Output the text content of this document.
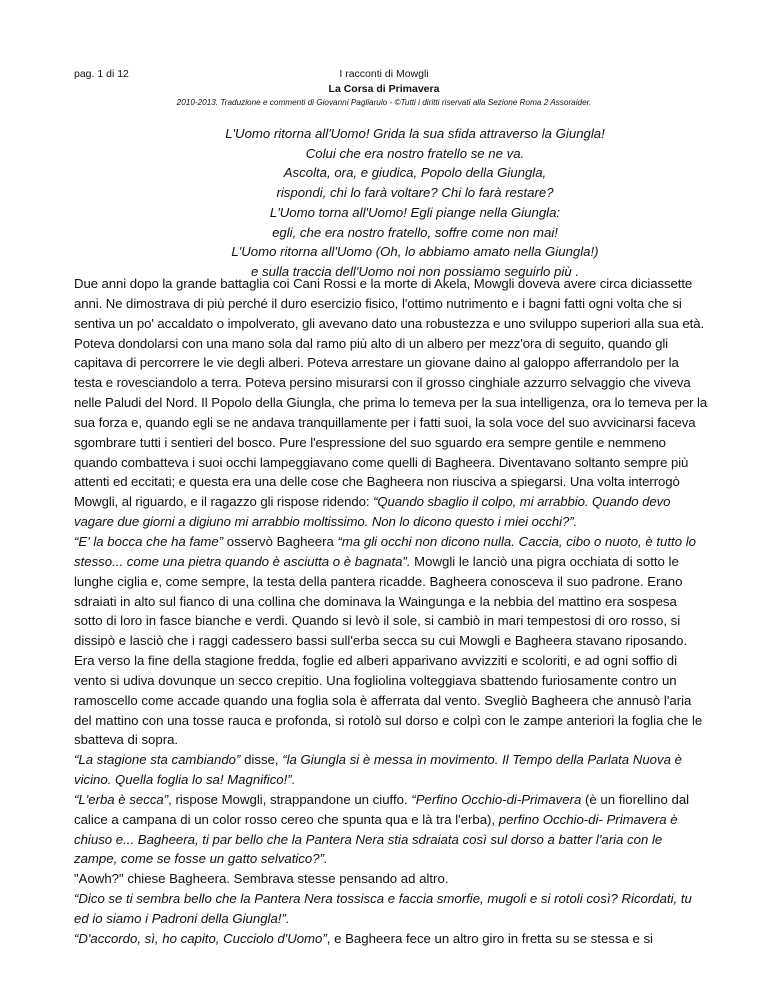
pag. 1 di 12	I racconti di Mowgli
La Corsa di Primavera
2010-2013. Traduzione e commenti di Giovanni Pagliarulo - ©Tutti i diritti riservati alla Sezione Roma 2 Assoraider.
L'Uomo ritorna all'Uomo! Grida la sua sfida attraverso la Giungla!
Colui che era nostro fratello se ne va.
Ascolta, ora, e giudica, Popolo della Giungla,
rispondi, chi lo farà voltare? Chi lo farà restare?
L'Uomo torna all'Uomo! Egli piange nella Giungla:
egli, che era nostro fratello, soffre come non mai!
L'Uomo ritorna all'Uomo (Oh, lo abbiamo amato nella Giungla!)
e sulla traccia dell'Uomo noi non possiamo seguirlo più .

Due anni dopo la grande battaglia coi Cani Rossi e la morte di Akela, Mowgli doveva avere circa diciassette anni. Ne dimostrava di più perché il duro esercizio fisico, l'ottimo nutrimento e i bagni fatti ogni volta che si sentiva un po' accaldato o impolverato, gli avevano dato una robustezza e uno sviluppo superiori alla sua età. Poteva dondolarsi con una mano sola dal ramo più alto di un albero per mezz'ora di seguito, quando gli capitava di percorrere le vie degli alberi. Poteva arrestare un giovane daino al galoppo afferrandolo per la testa e rovesciandolo a terra. Poteva persino misurarsi con il grosso cinghiale azzurro selvaggio che viveva nelle Paludi del Nord. Il Popolo della Giungla, che prima lo temeva per la sua intelligenza, ora lo temeva per la sua forza e, quando egli se ne andava tranquillamente per i fatti suoi, la sola voce del suo avvicinarsi faceva sgombrare tutti i sentieri del bosco. Pure l'espressione del suo sguardo era sempre gentile e nemmeno quando combatteva i suoi occhi lampeggiavano come quelli di Bagheera. Diventavano soltanto sempre più attenti ed eccitati; e questa era una delle cose che Bagheera non riusciva a spiegarsi. Una volta interrogò Mowgli, al riguardo, e il ragazzo gli rispose ridendo: “Quando sbaglio il colpo, mi arrabbio. Quando devo vagare due giorni a digiuno mi arrabbio moltissimo. Non lo dicono questo i miei occhi?”.

“E' la bocca che ha fame” osservò Bagheera “ma gli occhi non dicono nulla. Caccia, cibo o nuoto, è tutto lo stesso... come una pietra quando è asciutta o è bagnata”. Mowgli le lanciò una pigra occhiata di sotto le lunghe ciglia e, come sempre, la testa della pantera ricadde. Bagheera conosceva il suo padrone. Erano sdraiati in alto sul fianco di una collina che dominava la Waingunga e la nebbia del mattino era sospesa sotto di loro in fasce bianche e verdi. Quando si levò il sole, si cambiò in mari tempestosi di oro rosso, si dissipò e lasciò che i raggi cadessero bassi sull'erba secca su cui Mowgli e Bagheera stavano riposando. Era verso la fine della stagione fredda, foglie ed alberi apparivano avvizziti e scoloriti, e ad ogni soffio di vento si udiva dovunque un secco crepitio. Una fogliolina volteggiava sbattendo furiosamente contro un ramoscello come accade quando una foglia sola è afferrata dal vento. Svegliò Bagheera che annusò l'aria del mattino con una tosse rauca e profonda, si rotolò sul dorso e colpì con le zampe anteriori la foglia che le sbatteva di sopra.

“La stagione sta cambiando” disse, “la Giungla si è messa in movimento. Il Tempo della Parlata Nuova è vicino. Quella foglia lo sa! Magnifico!”.

“L'erba è secca”, rispose Mowgli, strappandone un ciuffo. “Perfino Occhio-di-Primavera (è un fiorellino dal calice a campana di un color rosso cereo che spunta qua e là tra l'erba), perfino Occhio-di- Primavera è chiuso e... Bagheera, ti par bello che la Pantera Nera stia sdraiata così sul dorso a batter l'aria con le zampe, come se fosse un gatto selvatico?”.

"Aowh?" chiese Bagheera. Sembrava stesse pensando ad altro.

“Dico se ti sembra bello che la Pantera Nera tossisca e faccia smorfie, mugoli e si rotoli così? Ricordati, tu ed io siamo i Padroni della Giungla!”.

“D'accordo, sì, ho capito, Cucciolo d'Uomo”, e Bagheera fece un altro giro in fretta su se stessa e si
